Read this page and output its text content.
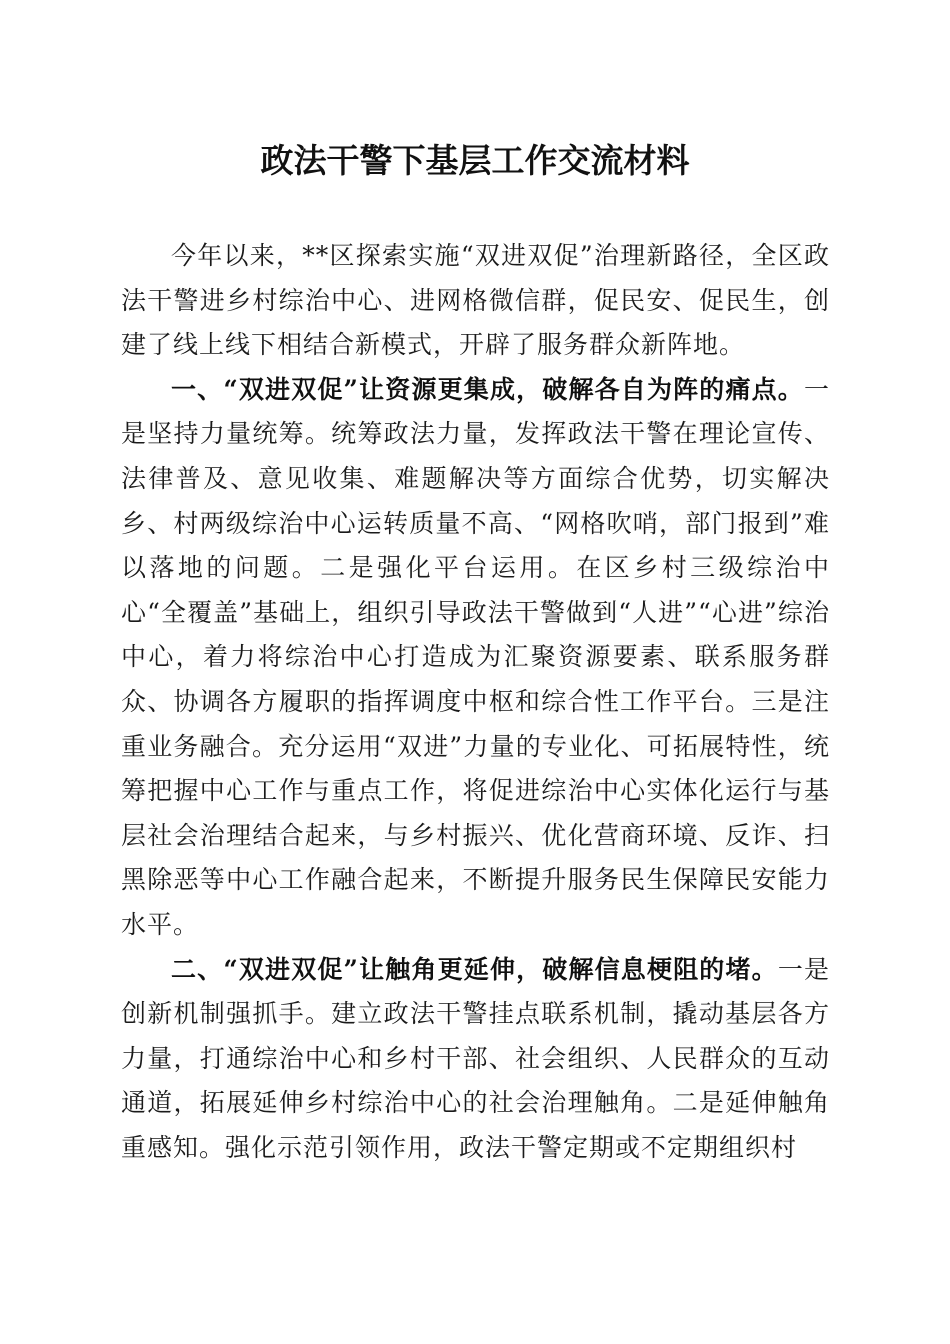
政法干警下基层工作交流材料

今年以来，**区探索实施“双进双促”治理新路径，全区政法干警进乡村综治中心、进网格微信群，促民安、促民生，创建了线上线下相结合新模式，开辟了服务群众新阵地。

一、“双进双促”让资源更集成，破解各自为阵的痛点。一是坚持力量统筹。统筹政法力量，发挥政法干警在理论宣传、法律普及、意见收集、难题解决等方面综合优势，切实解决乡、村两级综治中心运转质量不高、“网格吹哨，部门报到”难以落地的问题。二是强化平台运用。在区乡村三级综治中心“全覆盖”基础上，组织引导政法干警做到“人进”“心进”综治中心，着力将综治中心打造成为汇聚资源要素、联系服务群众、协调各方履职的指挥调度中枢和综合性工作平台。三是注重业务融合。充分运用“双进”力量的专业化、可拓展特性，统筹把握中心工作与重点工作，将促进综治中心实体化运行与基层社会治理结合起来，与乡村振兴、优化营商环境、反诈、扫黑除恶等中心工作融合起来，不断提升服务民生保障民安能力水平。

二、“双进双促”让触角更延伸，破解信息梗阻的堵。一是创新机制强抓手。建立政法干警挂点联系机制，撬动基层各方力量，打通综治中心和乡村干部、社会组织、人民群众的互动通道，拓展延伸乡村综治中心的社会治理触角。二是延伸触角重感知。强化示范引领作用，政法干警定期或不定期组织村
